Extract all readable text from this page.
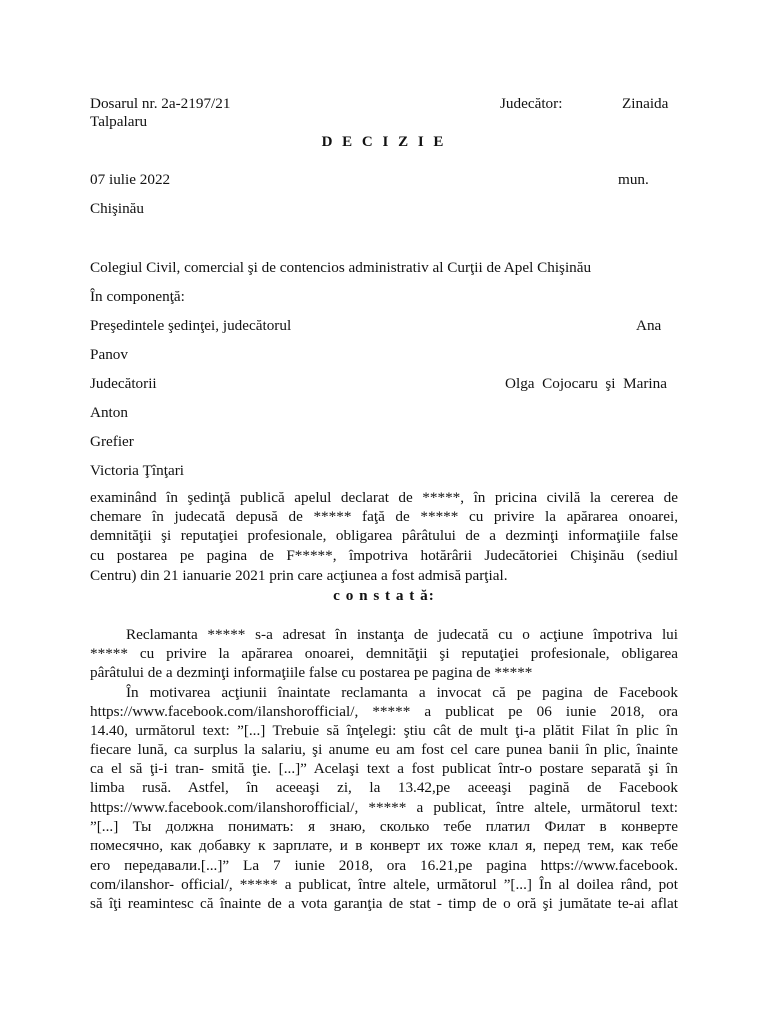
Dosarul nr. 2a-2197/21	Judecător:	Zinaida
Talpalaru
D E C I Z I E
07 iulie 2022	mun.
Chişinău
Colegiul Civil, comercial şi de contencios administrativ al Curţii de Apel Chişinău
În componenţă:
Preşedintele şedinţei, judecătorul	Ana
Panov
Judecătorii	Olga  Cojocaru  şi  Marina
Anton
Grefier
Victoria Ţînţari
examinând în şedinţă publică apelul declarat de *****, în pricina civilă la cererea de
chemare în judecată depusă de ***** faţă de ***** cu privire la apărarea onoarei,
demnităţii şi reputaţiei profesionale, obligarea pârâtului de a dezminţi informaţiile false
cu postarea pe pagina de F*****, împotriva hotărârii Judecătoriei Chişinău (sediul
Centru) din 21 ianuarie 2021 prin care acţiunea a fost admisă parţial.
c o n s t a t ă:
Reclamanta ***** s-a adresat în instanţa de judecată cu o acţiune împotriva lui
***** cu privire la apărarea onoarei, demnităţii şi reputaţiei profesionale, obligarea
pârâtului de a dezminţi informaţiile false cu postarea pe pagina de *****
În motivarea acţiunii înaintate reclamanta a invocat că pe pagina de Facebook
https://www.facebook.com/ilanshorofficial/, ***** a publicat pe 06 iunie 2018, ora
14.40, următorul text: ”[...] Trebuie să înţelegi: ştiu cât de mult ţi-a plătit Filat în plic în
fiecare lună, ca surplus la salariu, şi anume eu am fost cel care punea banii în plic, înainte
ca el să ţi-i tran- smită ţie. [...]” Acelaşi text a fost publicat într-o postare separată şi în
limba rusă. Astfel, în aceeaşi zi, la 13.42,pe aceeaşi pagină de Facebook
https://www.facebook.com/ilanshorofficial/, ***** a publicat, între altele, următorul text:
”[...] Ты должна понимать: я знаю, сколько тебе платил Филат в конверте
помесячно, как добавку к зарплате, и в конверт их тоже клал я, перед тем, как тебе
его передавали.[...]” La 7 iunie 2018, ora 16.21,pe pagina https://www.facebook.
com/ilanshor- official/, ***** a publicat, între altele, următorul ”[...] În al doilea rând, pot
să îţi reamintesc că înainte de a vota garanţia de stat - timp de o oră şi jumătate te-ai aflat
